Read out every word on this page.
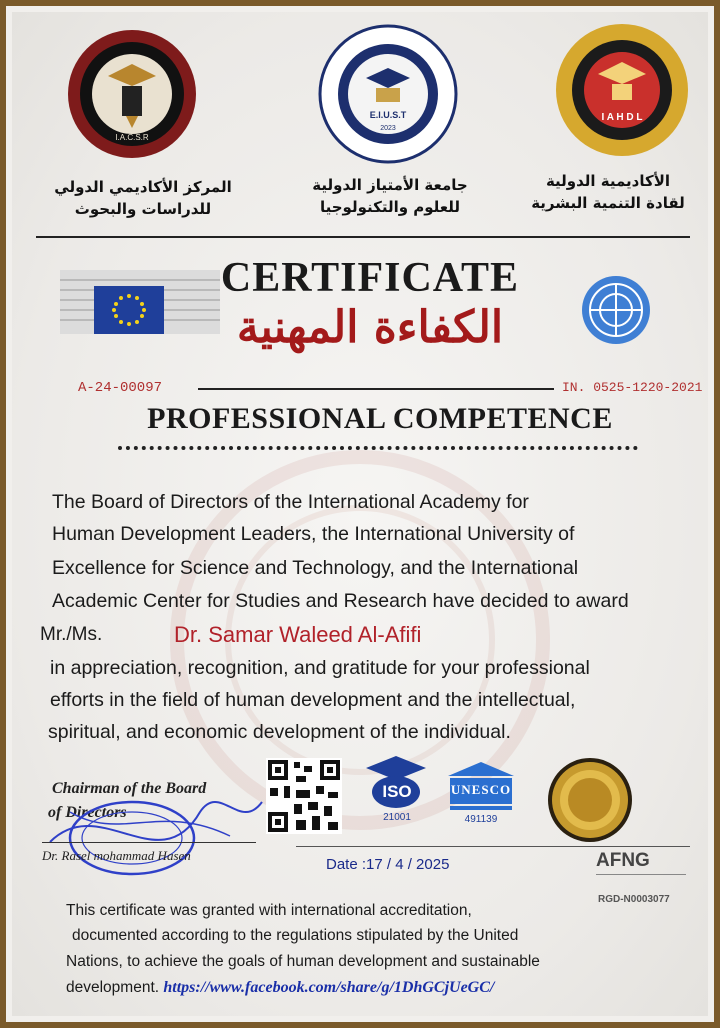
I.A.C.S.R
E.I.U.S.T
2023
I A H D L
المركز الأكاديمي الدولي
للدراسات والبحوث
جامعة الأمتياز الدولية
للعلوم والتكنولوجيا
الأكاديمية الدولية
لقادة التنمية البشرية
CERTIFICATE
الكفاءة المهنية
A-24-00097	IN. 0525-1220-2021
PROFESSIONAL COMPETENCE
The Board of Directors of the International Academy for
Human Development Leaders, the International University of
Excellence for Science and Technology, and the International
Academic Center for Studies and Research have decided to award
Mr./Ms.	Dr. Samar Waleed Al-Afifi
in appreciation, recognition, and gratitude for your professional
efforts in the field of human development and the intellectual,
spiritual, and economic development of the individual.
Chairman of the Board
of Directors
Dr. Rasel mohammad Hasen
ISO
21001
UNESCO
491139
Date :17 / 4 / 2025	AFNG
RGD-N0003077
This certificate was granted with international accreditation,
documented according to the regulations stipulated by the United
Nations, to achieve the goals of human development and sustainable
development. https://www.facebook.com/share/g/1DhGCjUeGC/
